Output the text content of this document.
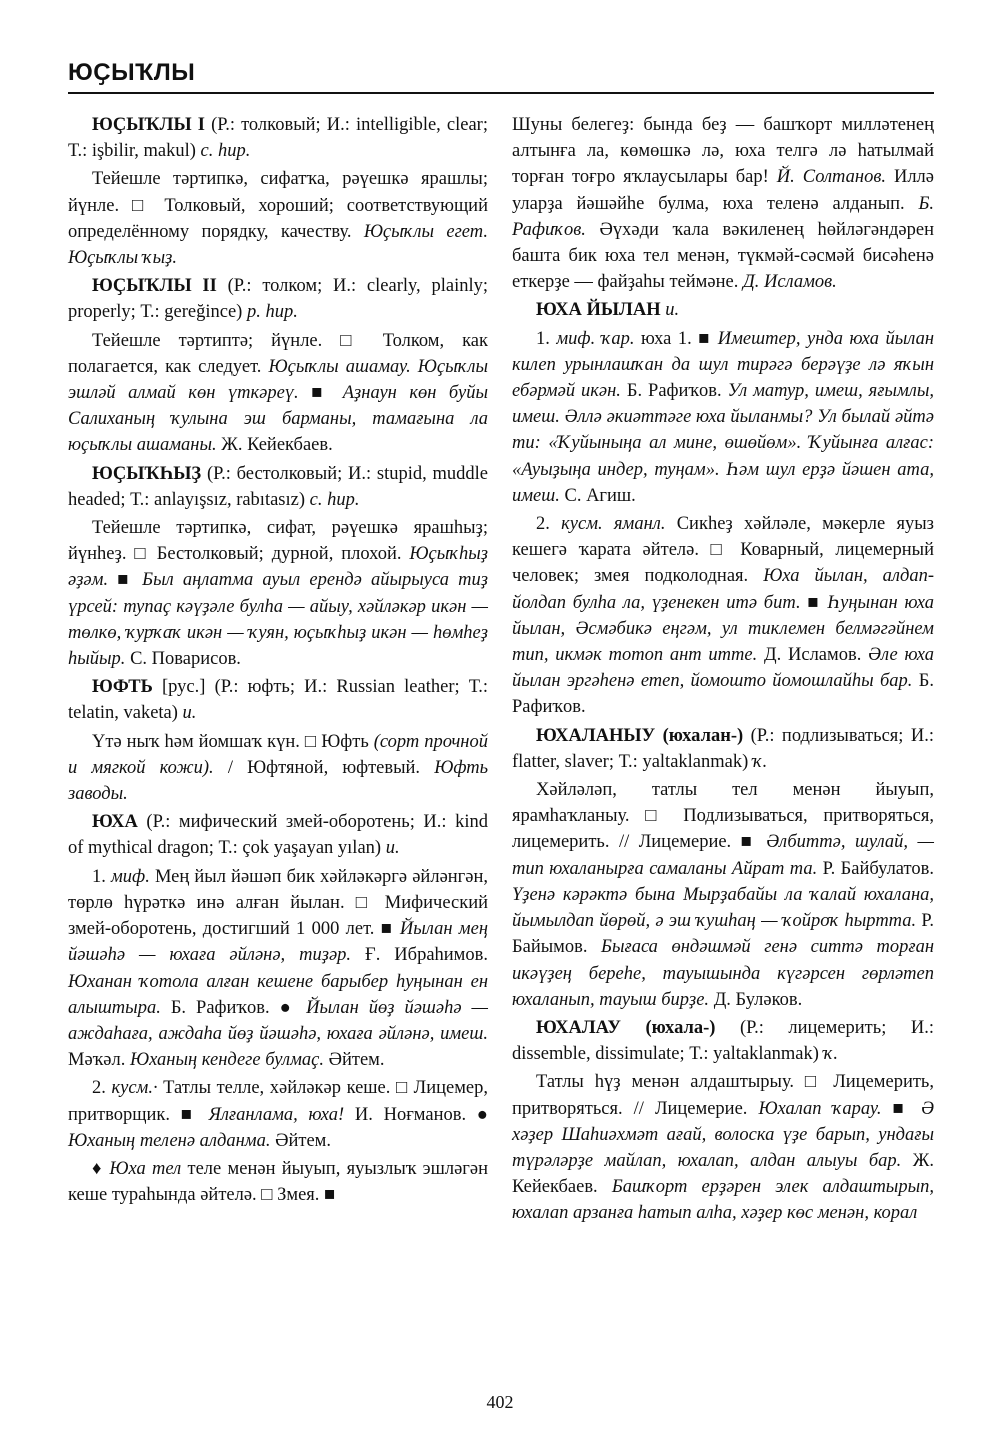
ЮҪЫҠЛЫ

ЮҪЫҠЛЫ I (Р.: толковый; И.: intelligible, clear; Т.: işbilir, makul) с. һир.

Тейешле тәртипкә, сифатҡа, рәүешкә ярашлы; йүнле. □ Толковый, хороший; соответствующий определённому порядку, качеству. Юҫыҡлы егет. Юҫыҡлы ҡыҙ.

ЮҪЫҠЛЫ II (Р.: толком; И.: clearly, plainly; properly; Т.: gereğince) р. һир.

Тейешле тәртиптә; йүнле. □ Толком, как полагается, как следует. Юҫыҡлы ашамау. Юҫыҡлы эшләй алмай көн үткәреү. ■ Аҙнаун көн буйы Салиханың ҡулына эш барманы, тамағына ла юҫыҡлы ашаманы. Ж. Кейекбаев.

ЮҪЫҠҺЫҘ (Р.: бестолковый; И.: stupid, muddle headed; Т.: anlayışsız, rabıtasız) с. һир.

Тейешле тәртипкә, сифат, рәүешкә ярашһыҙ; йүнһеҙ. □ Бестолковый; дурной, плохой. Юҫыҡһыҙ әҙәм. ■ Был аңлатма ауыл ерендә айырыуса тиҙ үрсей: тупаҫ кәүҙәле булһа — айыу, хәйләкәр икән — төлкө, ҡурҡаҡ икән — ҡуян, юҫыҡһыҙ икән — һөмһеҙ һыйыр. С. Поварисов.

ЮФТЬ [рус.] (Р.: юфть; И.: Russian leather; Т.: telatin, vaketa) и.

Үтә ныҡ һәм йомшаҡ күн. □ Юфть (сорт прочной и мягкой кожи). / Юфтяной, юфтевый. Юфть заводы.

ЮХА (Р.: мифический змей-оборотень; И.: kind of mythical dragon; Т.: çok yaşayan yılan) и.

1. миф. Мең йыл йәшәп бик хәйләкәргә әйләнгән, төрлө һүрәткә инә алған йылан. □ Мифический змей-оборотень, достигший 1 000 лет. ■ Йылан мең йәшәһә — юхаға әйләнә, тиҙәр. Ғ. Ибраһимов. Юханан ҡотола алған кешене барыбер һуңынан ен алыштыра. Б. Рафиҡов. ● Йылан йөҙ йәшәһә — аждаһаға, аждаһа йөҙ йәшәһә, юхаға әйләнә, имеш. Мәҡәл. Юханың кендеге булмаҫ. Әйтем.

2. кусм.· Татлы телле, хәйләкәр кеше. □ Лицемер, притворщик. ■ Ялғанлама, юха! И. Ноғманов. ● Юханың теленә алданма. Әйтем.

♦ Юха тел теле менән йыуып, яуызлыҡ эшләгән кеше тураһында әйтелә. □ Змея. ■

Шуны белегеҙ: бында беҙ — башҡорт милләтенең алтынға ла, көмөшкә лә, юха телгә лә һатылмай торған тоғро яҡлаусылары бар! Й. Солтанов. Иллә уларҙа йәшәйһе булма, юха теленә алданып. Б. Рафиҡов. Әүхәди ҡала вәкиленең һөйләгәндәрен башта бик юха тел менән, түкмәй-сәсмәй бисәһенә еткерҙе — файҙаһы теймәне. Д. Исламов.

ЮХА ЙЫЛАН и.

1. миф. ҡар. юха 1. ■ Имештер, унда юха йылан килеп урынлашҡан да шул тирәгә берәүҙе лә яҡын ебәрмәй икән. Б. Рафиҡов. Ул матур, имеш, яғымлы, имеш. Әллә әкиәттәге юха йыланмы? Ул былай әйтә ти: «Ҡуйыныңа ал мине, өшөйөм». Ҡуйынға алғас: «Ауыҙыңа индер, туңам». Һәм шул ерҙә йәшен ата, имеш. С. Агиш.

2. кусм. яманл. Сикһеҙ хәйләле, мәкерле яуыз кешегә ҡарата әйтелә. □ Коварный, лицемерный человек; змея подколодная. Юха йылан, алдап-йолдап булһа ла, үҙенекен итә бит. ■ Һуңынан юха йылан, Әсмәбикә еңгәм, ул тиклемен белмәгәйнем тип, икмәк тотоп ант итте. Д. Исламов. Әле юха йылан эргәһенә етеп, йомошто йомошлайһы бар. Б. Рафиҡов.

ЮХАЛАНЫУ (юхалан-) (Р.: подлизываться; И.: flatter, slaver; Т.: yaltaklanmak) ҡ.

Хәйләләп, татлы тел менән йыуып, ярамһаҡланыу. □ Подлизываться, притворяться, лицемерить. // Лицемерие. ■ Әлбиттә, шулай, — тип юхаланырға самаланы Айрат та. Р. Байбулатов. Үҙенә кәрәктә бына Мырҙабайы ла ҡалай юхалана, йымылдап йөрөй, ә эш ҡушһаң — ҡойроҡ һыртта. Р. Байымов. Бығаса өндәшмәй генә ситтә торған икәүҙең береһе, тауышында күгәрсен гөрләтеп юхаланып, тауыш бирҙе. Д. Буләков.

ЮХАЛАУ (юхала-) (Р.: лицемерить; И.: dissemble, dissimulate; Т.: yaltaklanmak) ҡ.

Татлы һүҙ менән алдаштырыу. □ Лицемерить, притворяться. // Лицемерие. Юхалап ҡарау. ■ Ә хәҙер Шаһиәхмәт ағай, волоска үҙе барып, ундағы түрәләрҙе майлап, юхалап, алдан алыуы бар. Ж. Кейекбаев. Башҡорт ерҙәрен элек алдаштырып, юхалап арзанға һатып алһа, хәҙер көс менән, корал

402
